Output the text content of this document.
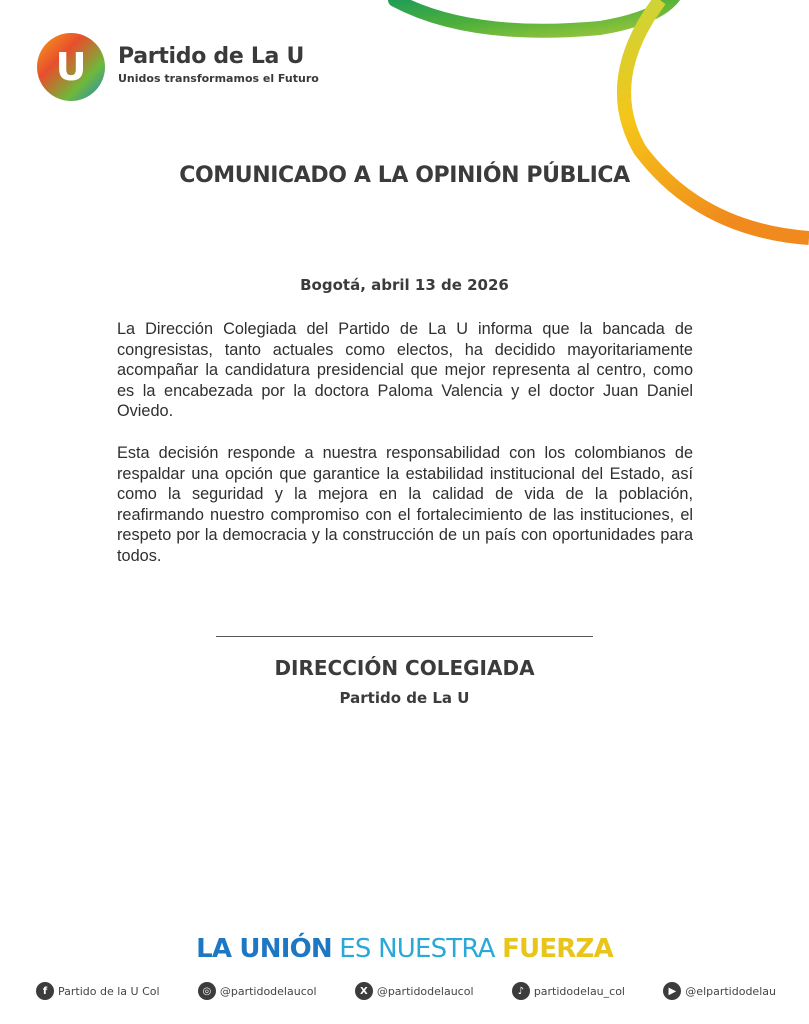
U Partido de La U
Unidos transformamos el Futuro
COMUNICADO A LA OPINIÓN PÚBLICA
Bogotá, abril 13 de 2026

La Dirección Colegiada del Partido de La U informa que la bancada de congresistas, tanto actuales como electos, ha decidido mayoritariamente acompañar la candidatura presidencial que mejor representa al centro, como es la encabezada por la doctora Paloma Valencia y el doctor Juan Daniel Oviedo.

Esta decisión responde a nuestra responsabilidad con los colombianos de respaldar una opción que garantice la estabilidad institucional del Estado, así como la seguridad y la mejora en la calidad de vida de la población, reafirmando nuestro compromiso con el fortalecimiento de las instituciones, el respeto por la democracia y la construcción de un país con oportunidades para todos.

DIRECCIÓN COLEGIADA
Partido de La U
LA UNIÓN ES NUESTRA FUERZA
f Partido de la U Col	◎ @partidodelaucol	X @partidodelaucol	♪ partidodelau_col	▶ @elpartidodelau
